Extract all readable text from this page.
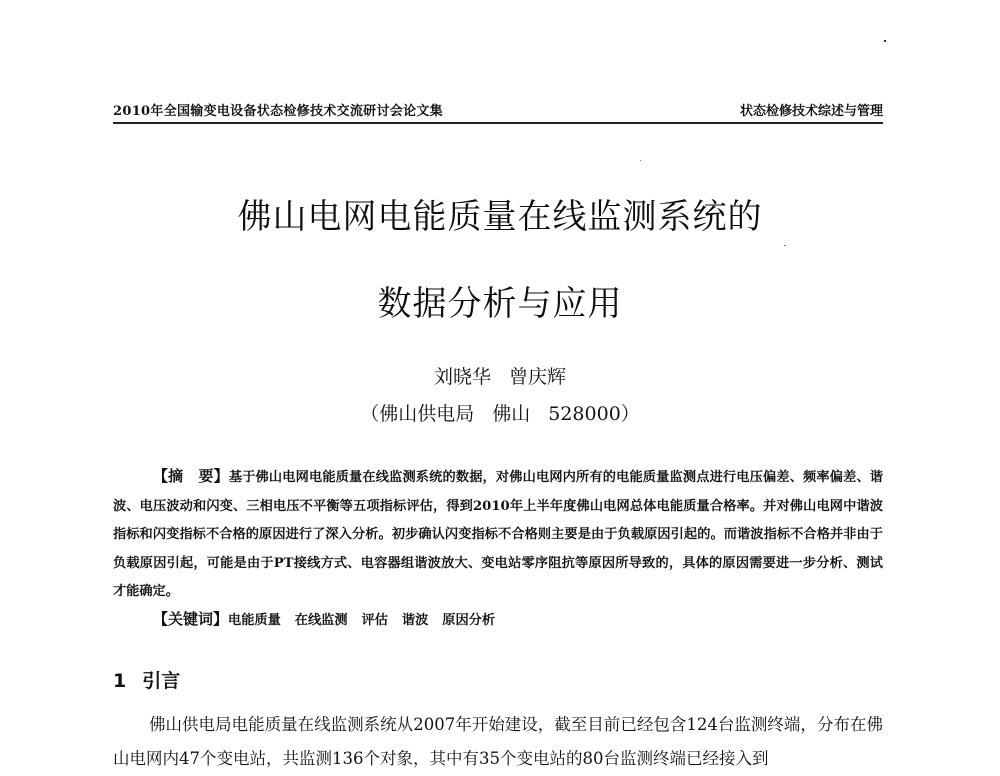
2010年全国输变电设备状态检修技术交流研讨会论文集	状态检修技术综述与管理
佛山电网电能质量在线监测系统的
数据分析与应用
刘晓华 曾庆辉
（佛山供电局 佛山 528000）
【摘　要】基于佛山电网电能质量在线监测系统的数据，对佛山电网内所有的电能质量监测点进行电压偏差、频率偏差、谐波、电压波动和闪变、三相电压不平衡等五项指标评估，得到2010年上半年度佛山电网总体电能质量合格率。并对佛山电网中谐波指标和闪变指标不合格的原因进行了深入分析。初步确认闪变指标不合格则主要是由于负载原因引起的。而谐波指标不合格并非由于负载原因引起，可能是由于PT接线方式、电容器组谐波放大、变电站零序阻抗等原因所导致的，具体的原因需要进一步分析、测试才能确定。
【关键词】电能质量 在线监测 评估 谐波 原因分析
1 引言
佛山供电局电能质量在线监测系统从2007年开始建设，截至目前已经包含124台监测终端，分布在佛山电网内47个变电站，共监测136个对象，其中有35个变电站的80台监测终端已经接入到
